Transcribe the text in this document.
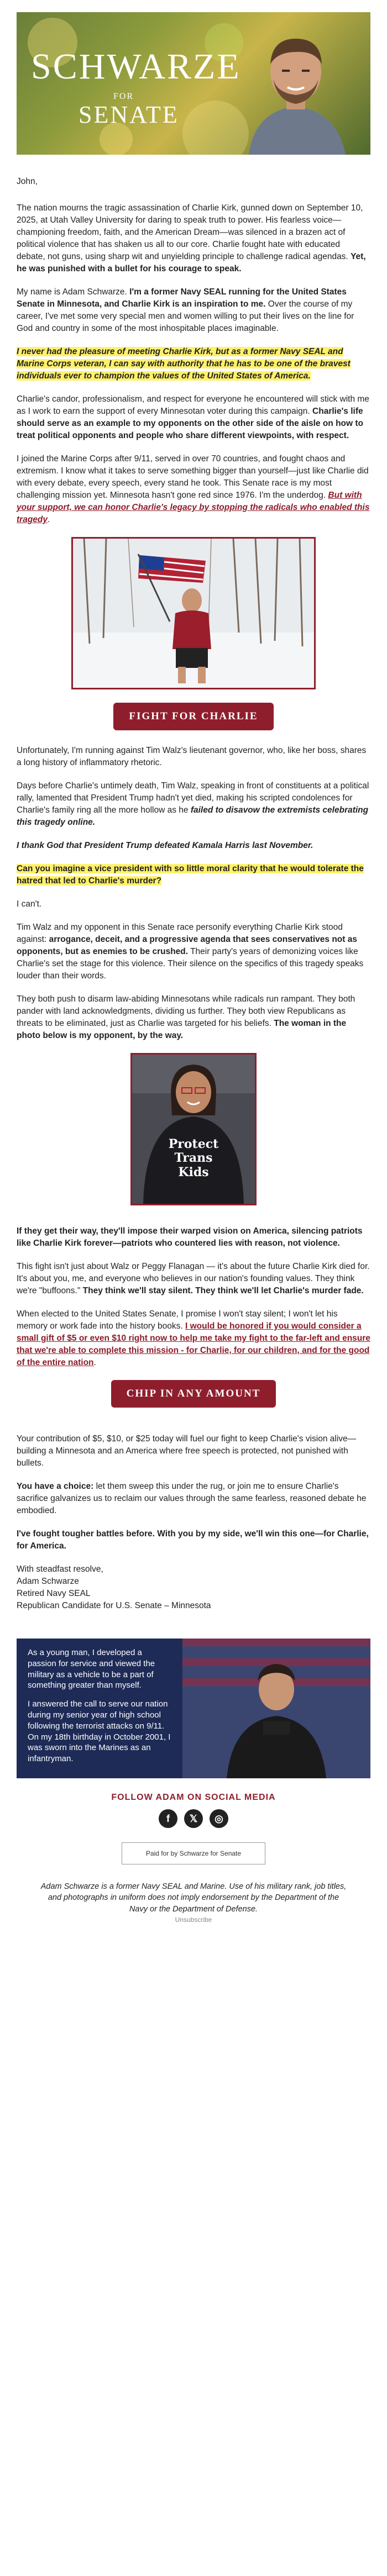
SCHWARZE
FOR
SENATE

John,

The nation mourns the tragic assassination of Charlie Kirk, gunned down on September 10, 2025, at Utah Valley University for daring to speak truth to power. His fearless voice—championing freedom, faith, and the American Dream—was silenced in a brazen act of political violence that has shaken us all to our core. Charlie fought hate with educated debate, not guns, using sharp wit and unyielding principle to challenge radical agendas. Yet, he was punished with a bullet for his courage to speak.

My name is Adam Schwarze. I'm a former Navy SEAL running for the United States Senate in Minnesota, and Charlie Kirk is an inspiration to me. Over the course of my career, I've met some very special men and women willing to put their lives on the line for God and country in some of the most inhospitable places imaginable.

I never had the pleasure of meeting Charlie Kirk, but as a former Navy SEAL and Marine Corps veteran, I can say with authority that he has to be one of the bravest individuals ever to champion the values of the United States of America.

Charlie's candor, professionalism, and respect for everyone he encountered will stick with me as I work to earn the support of every Minnesotan voter during this campaign. Charlie's life should serve as an example to my opponents on the other side of the aisle on how to treat political opponents and people who share different viewpoints, with respect.

I joined the Marine Corps after 9/11, served in over 70 countries, and fought chaos and extremism. I know what it takes to serve something bigger than yourself—just like Charlie did with every debate, every speech, every stand he took. This Senate race is my most challenging mission yet. Minnesota hasn't gone red since 1976. I'm the underdog. But with your support, we can honor Charlie's legacy by stopping the radicals who enabled this tragedy.

FIGHT FOR CHARLIE

Unfortunately, I'm running against Tim Walz's lieutenant governor, who, like her boss, shares a long history of inflammatory rhetoric.

Days before Charlie's untimely death, Tim Walz, speaking in front of constituents at a political rally, lamented that President Trump hadn't yet died, making his scripted condolences for Charlie's family ring all the more hollow as he failed to disavow the extremists celebrating this tragedy online.

I thank God that President Trump defeated Kamala Harris last November.

Can you imagine a vice president with so little moral clarity that he would tolerate the hatred that led to Charlie's murder?

I can't.

Tim Walz and my opponent in this Senate race personify everything Charlie Kirk stood against: arrogance, deceit, and a progressive agenda that sees conservatives not as opponents, but as enemies to be crushed. Their party's years of demonizing voices like Charlie's set the stage for this violence. Their silence on the specifics of this tragedy speaks louder than their words.

They both push to disarm law-abiding Minnesotans while radicals run rampant. They both pander with land acknowledgments, dividing us further. They both view Republicans as threats to be eliminated, just as Charlie was targeted for his beliefs. The woman in the photo below is my opponent, by the way.

Protect
Trans
Kids

If they get their way, they'll impose their warped vision on America, silencing patriots like Charlie Kirk forever—patriots who countered lies with reason, not violence.

This fight isn't just about Walz or Peggy Flanagan — it's about the future Charlie Kirk died for. It's about you, me, and everyone who believes in our nation's founding values. They think we're "buffoons." They think we'll stay silent. They think we'll let Charlie's murder fade.

When elected to the United States Senate, I promise I won't stay silent; I won't let his memory or work fade into the history books. I would be honored if you would consider a small gift of $5 or even $10 right now to help me take my fight to the far-left and ensure that we're able to complete this mission - for Charlie, for our children, and for the good of the entire nation.

CHIP IN ANY AMOUNT

Your contribution of $5, $10, or $25 today will fuel our fight to keep Charlie's vision alive—building a Minnesota and an America where free speech is protected, not punished with bullets.

You have a choice: let them sweep this under the rug, or join me to ensure Charlie's sacrifice galvanizes us to reclaim our values through the same fearless, reasoned debate he embodied.

I've fought tougher battles before. With you by my side, we'll win this one—for Charlie, for America.

With steadfast resolve,

Adam Schwarze

Retired Navy SEAL

Republican Candidate for U.S. Senate – Minnesota

As a young man, I developed a passion for service and viewed the military as a vehicle to be a part of something greater than myself.

I answered the call to serve our nation during my senior year of high school following the terrorist attacks on 9/11. On my 18th birthday in October 2001, I was sworn into the Marines as an infantryman.

FOLLOW ADAM ON SOCIAL MEDIA
f	𝕏	◎
Paid for by Schwarze for Senate
Adam Schwarze is a former Navy SEAL and Marine. Use of his military rank, job titles, and photographs in uniform does not imply endorsement by the Department of the Navy or the Department of Defense.
Unsubscribe
